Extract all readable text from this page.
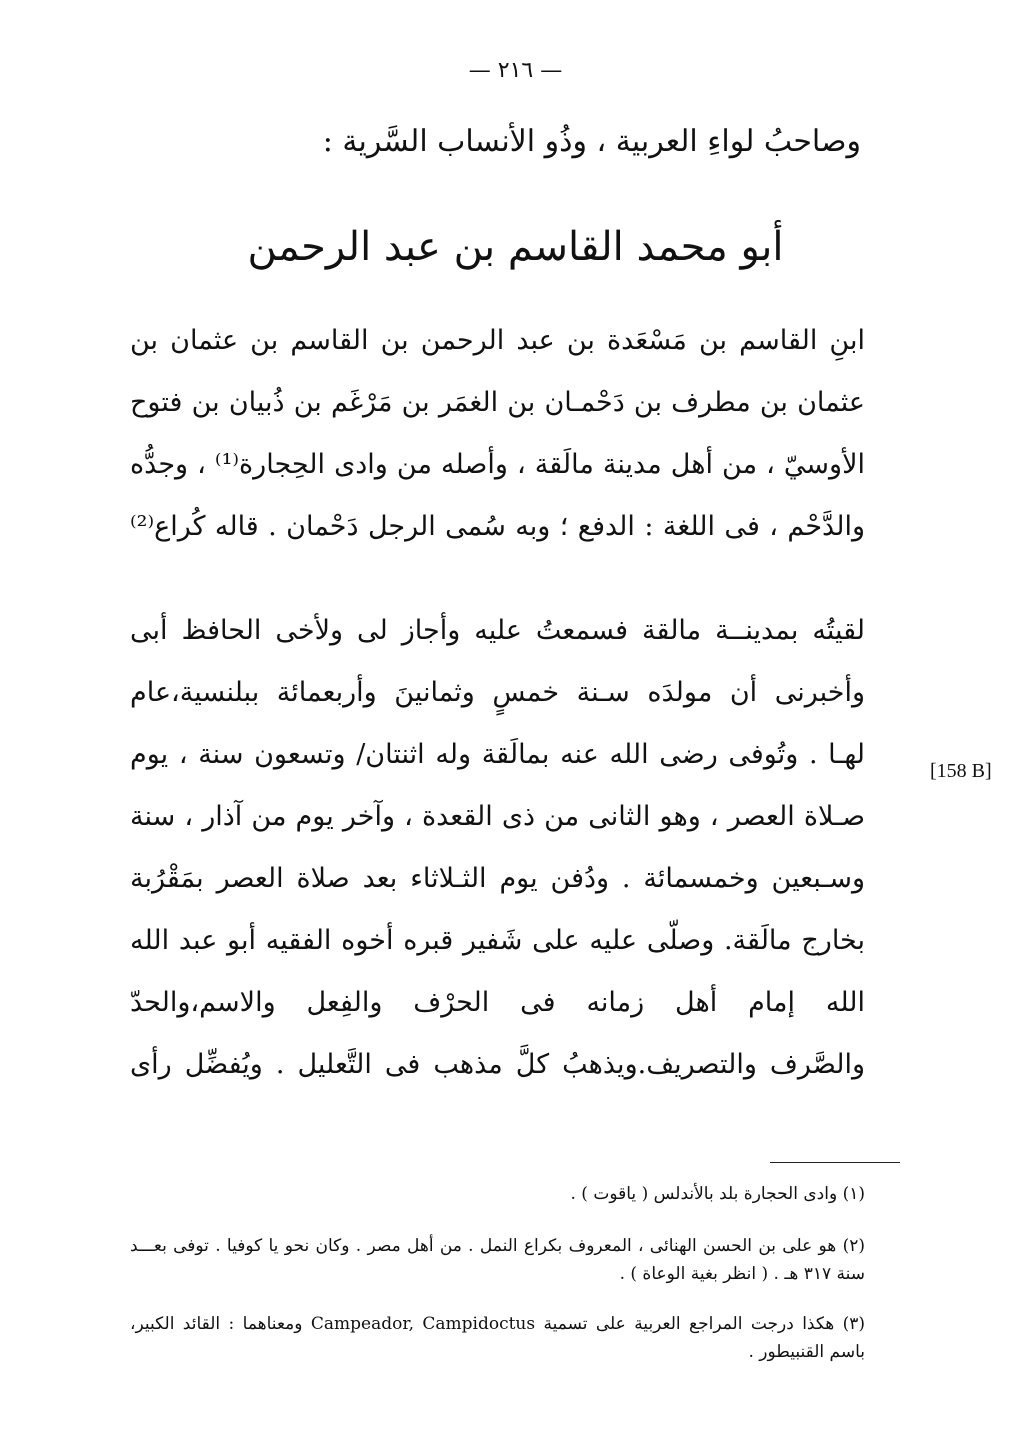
— ٢١٦ —
وصاحبُ لواءِ العربية ، وذُو الأنساب السَّرية :
أبو محمد القاسم بن عبد الرحمن
ابنِ القاسم بن مَسْعَدة بن عبد الرحمن بن القاسم بن عثمان بن
عثمان بن مطرف بن دَحْمـان بن الغمَر بن مَرْغَم بن ذُبيان بن فتوح
الأوسيّ ، من أهل مدينة مالَقة ، وأصله من وادى الحِجارة⁽¹⁾ ، وجدُّه
والدَّحْم ، فى اللغة : الدفع ؛ وبه سُمى الرجل دَحْمان . قاله كُراع⁽²⁾
لقيتُه بمدينــة مالقة فسمعتُ عليه وأجاز لى ولأخى الحافظ أبى
وأخبرنى أن مولدَه سـنة خمسٍ وثمانينَ وأربعمائة ببلنسية،عام
لهـا . وتُوفى رضى الله عنه بمالَقة وله اثنتان/ وتسعون سنة ، يوم
صـلاة العصر ، وهو الثانى من ذى القعدة ، وآخر يوم من آذار ، سنة
وسـبعين وخمسمائة . ودُفن يوم الثـلاثاء بعد صلاة العصر بمَقْرُبة
بخارج مالَقة. وصلّى عليه على شَفير قبره أخوه الفقيه أبو عبد الله
الله إمام أهل زمانه فى الحرْف والفِعل والاسم،والحدّ
والصَّرف والتصريف.ويذهبُ كلَّ مذهب فى التَّعليل . ويُفضِّل رأى
[158 B]
(١) وادى الحجارة بلد بالأندلس ( ياقوت ) .
(٢) هو على بن الحسن الهنائى ، المعروف بكراع النمل . من أهل مصر . وكان نحو يا كوفيا . توفى بعـــد سنة ٣١٧ هـ . ( انظر بغية الوعاة ) .
(٣) هكذا درجت المراجع العربية على تسمية Campeador, Campidoctus ومعناهما : القائد الكبير، باسم القنبيطور .
